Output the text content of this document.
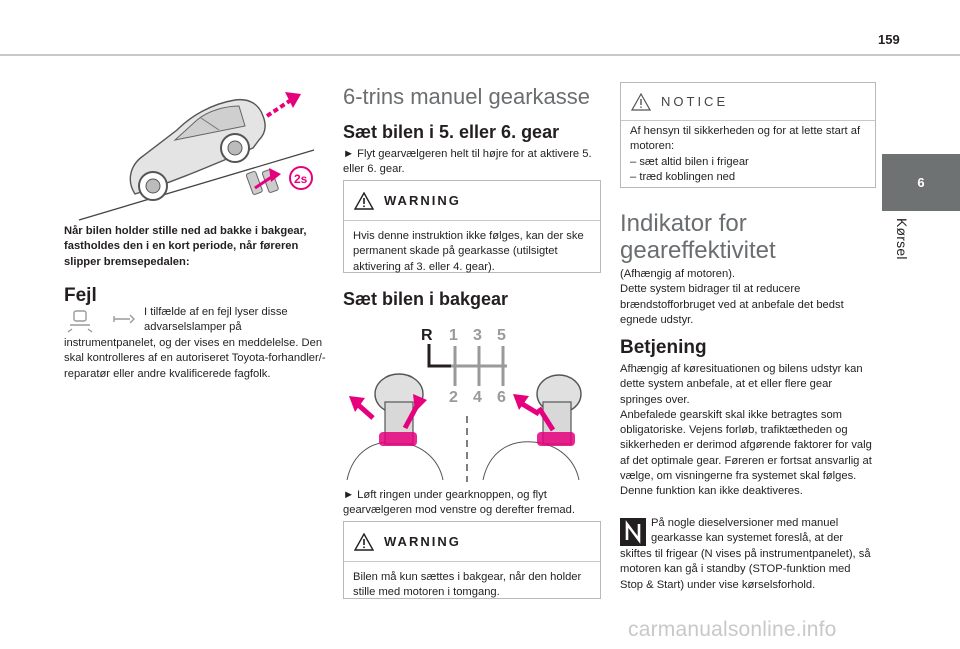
159
6
Kørsel
2s
Når bilen holder stille ned ad bakke i bakgear, fastholdes den i en kort periode, når føreren slipper bremsepedalen:
Fejl
I tilfælde af en fejl lyser disse
advarselslamper på
instrumentpanelet, og der vises en meddelelse. Den skal kontrolleres af en autoriseret Toyota-forhandler/-reparatør eller andre kvalificerede fagfolk.
6-trins manuel gearkasse
Sæt bilen i 5. eller 6. gear
► Flyt gearvælgeren helt til højre for at aktivere 5. eller 6. gear.
WARNING
Hvis denne instruktion ikke følges, kan der ske permanent skade på gearkasse (utilsigtet aktivering af 3. eller 4. gear).
Sæt bilen i bakgear
R 1 3 5
2 4 6
► Løft ringen under gearknoppen, og flyt gearvælgeren mod venstre og derefter fremad.
WARNING
Bilen må kun sættes i bakgear, når den holder stille med motoren i tomgang.
NOTICE
Af hensyn til sikkerheden og for at lette start af motoren:
– sæt altid bilen i frigear
– træd koblingen ned
Indikator for geareffektivitet
(Afhængig af motoren).
Dette system bidrager til at reducere brændstofforbruget ved at anbefale det bedst egnede udstyr.
Betjening
Afhængig af køresituationen og bilens udstyr kan dette system anbefale, at et eller flere gear springes over.
Anbefalede gearskift skal ikke betragtes som obligatoriske. Vejens forløb, trafiktætheden og sikkerheden er derimod afgørende faktorer for valg af det optimale gear. Føreren er fortsat ansvarlig at vælge, om visningerne fra systemet skal følges.
Denne funktion kan ikke deaktiveres.
På nogle dieselversioner med manuel
gearkasse kan systemet foreslå, at der
skiftes til frigear (N vises på instrumentpanelet), så motoren kan gå i standby (STOP-funktion med Stop & Start) under vise kørselsforhold.
carmanualsonline.info
